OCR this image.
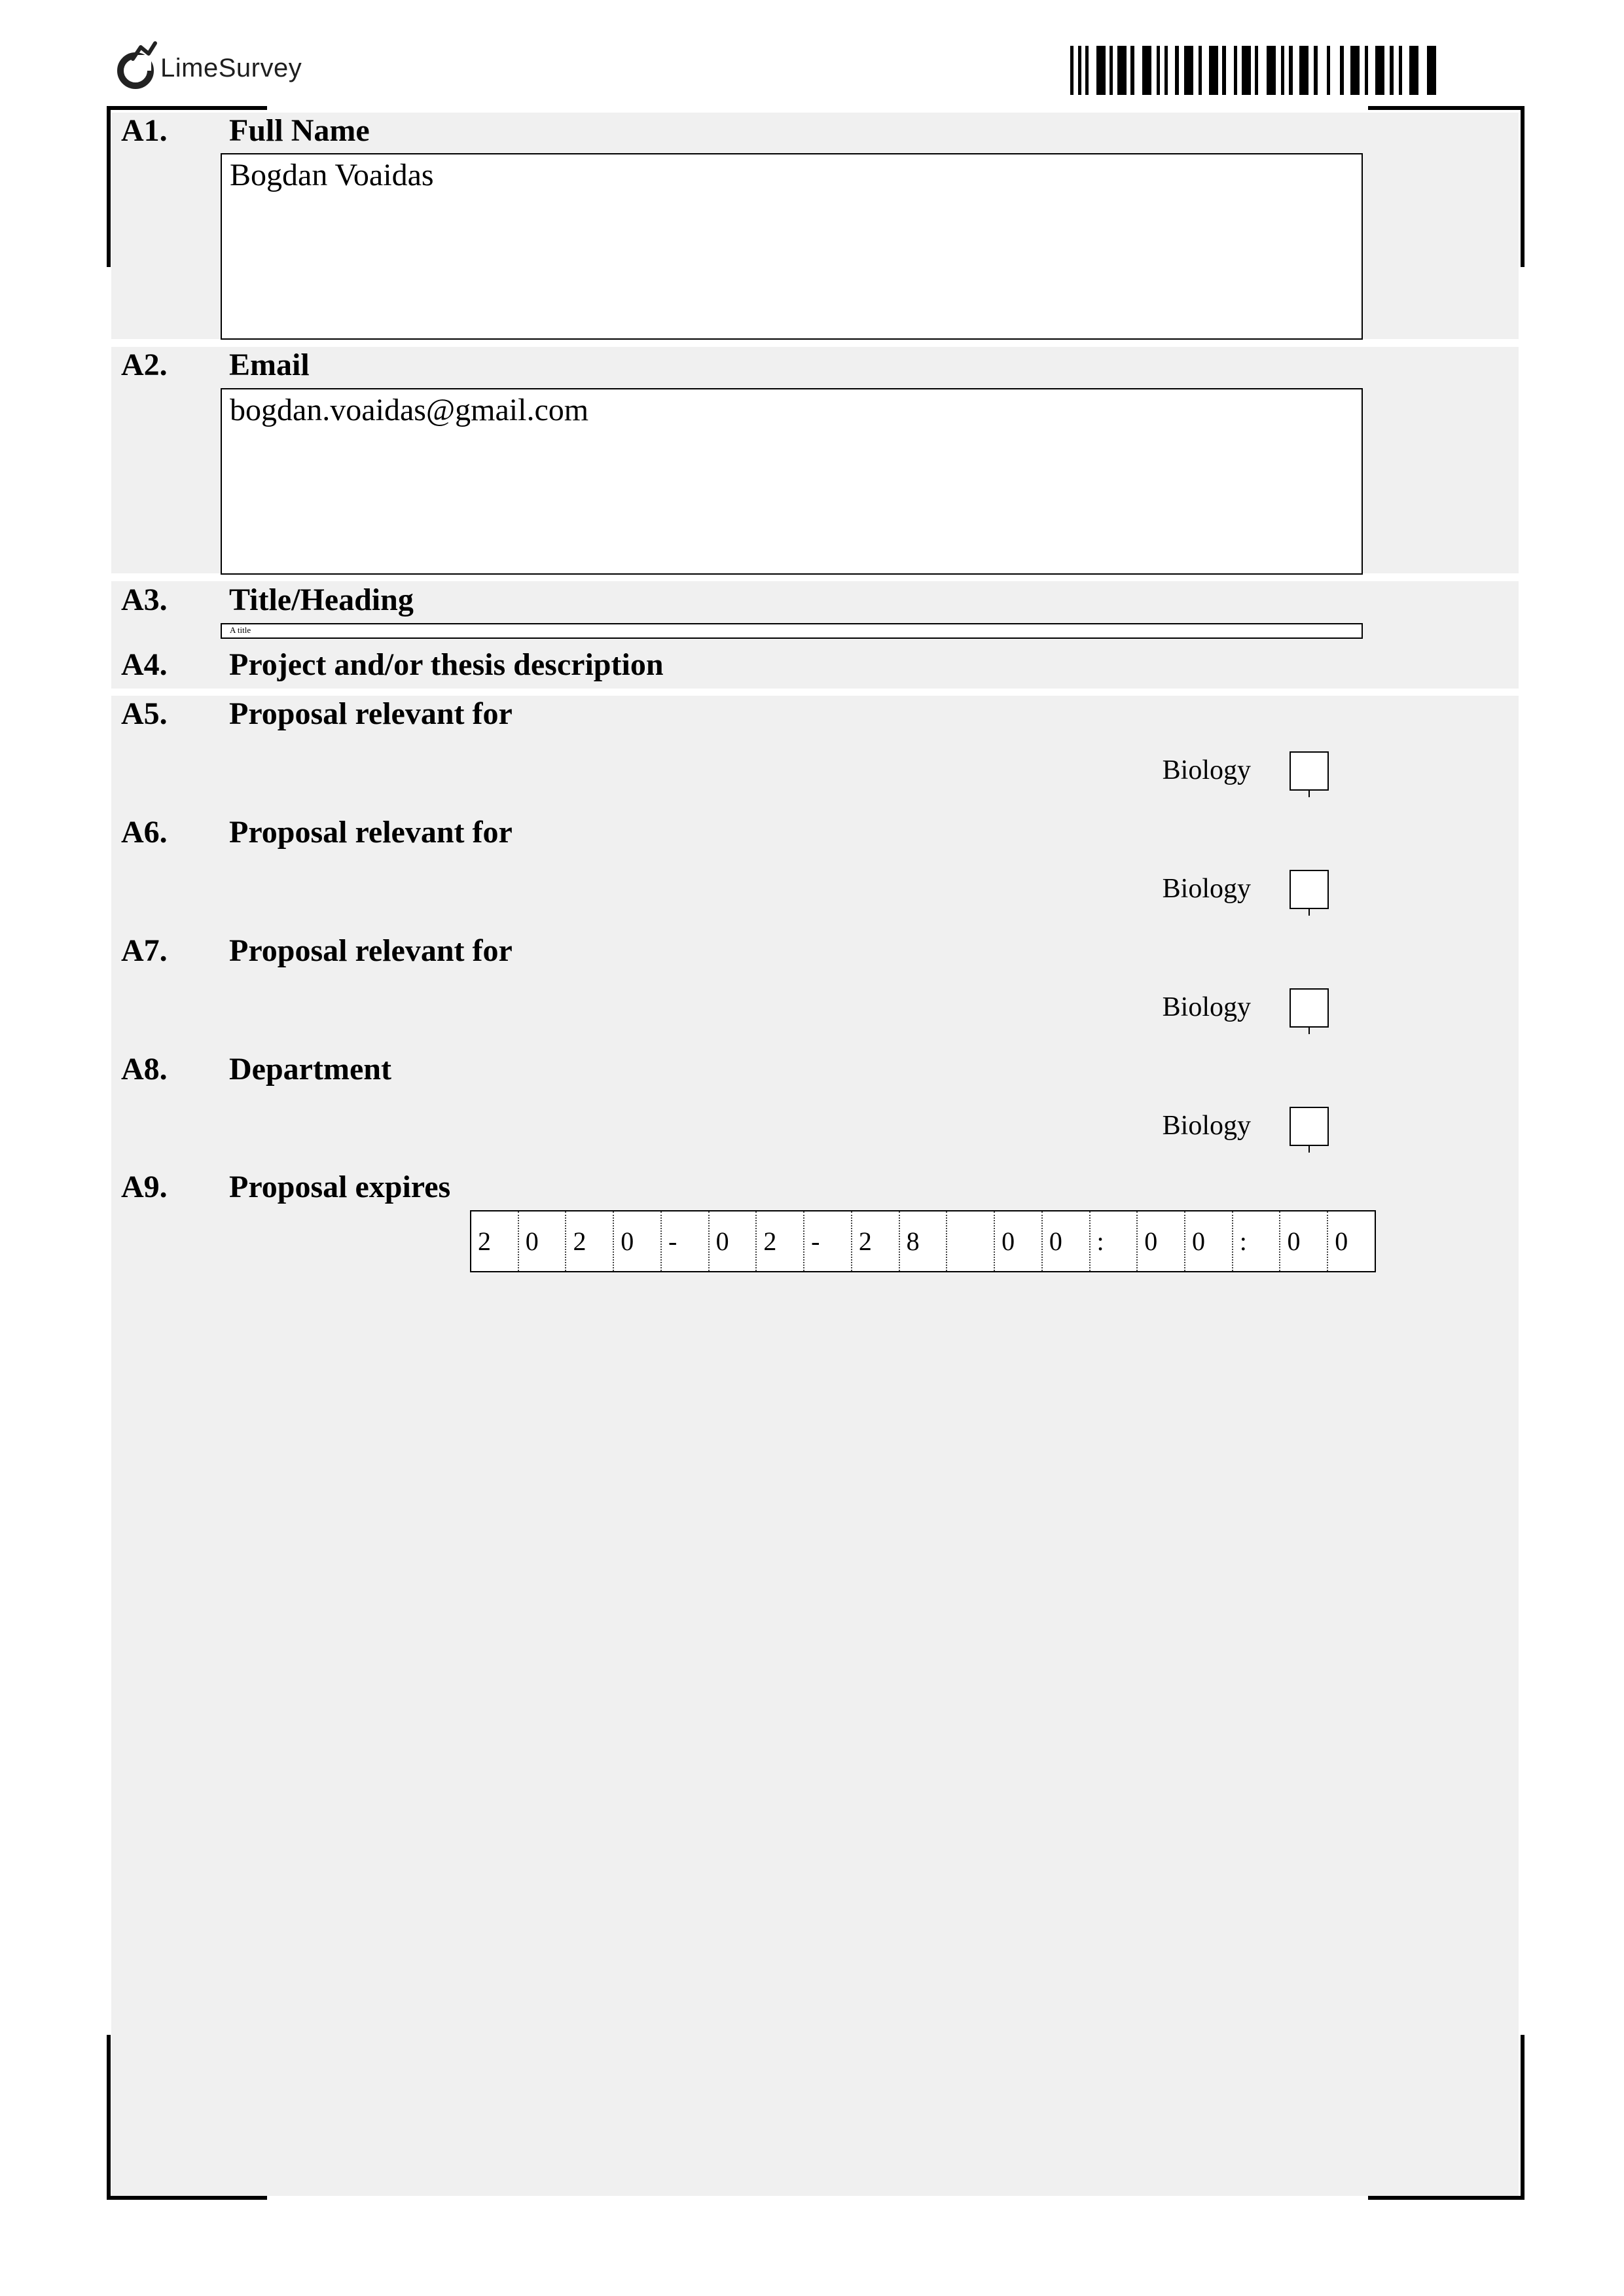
LimeSurvey
A1. Full Name
Bogdan Voaidas
A2. Email
bogdan.voaidas@gmail.com
A3. Title/Heading
A title
A4. Project and/or thesis description
A5. Proposal relevant for
Biology
A6. Proposal relevant for
Biology
A7. Proposal relevant for
Biology
A8. Department
Biology
A9. Proposal expires
2 0 2 0 - 0 2 - 2 8	0 0 : 0 0 : 0 0
